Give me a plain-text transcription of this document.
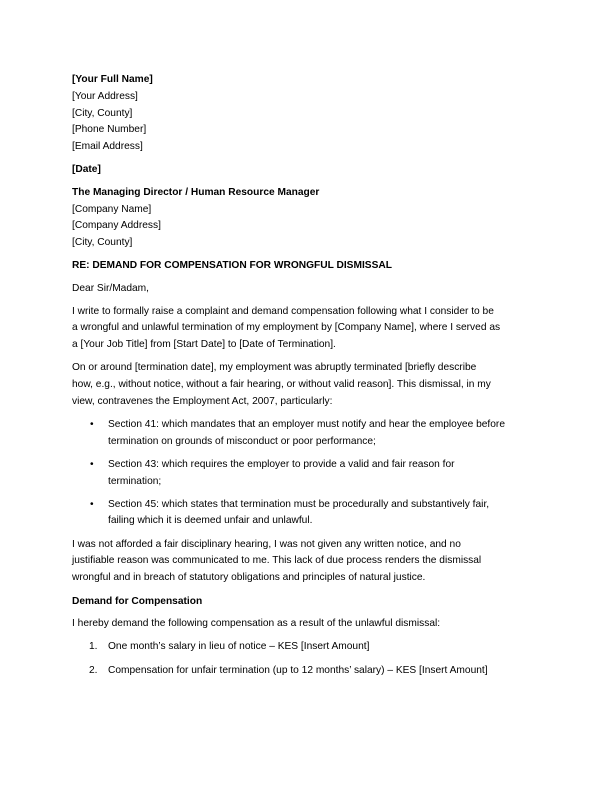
[Your Full Name]
[Your Address]
[City, County]
[Phone Number]
[Email Address]
[Date]
The Managing Director / Human Resource Manager
[Company Name]
[Company Address]
[City, County]
RE: DEMAND FOR COMPENSATION FOR WRONGFUL DISMISSAL
Dear Sir/Madam,
I write to formally raise a complaint and demand compensation following what I consider to be
a wrongful and unlawful termination of my employment by [Company Name], where I served as
a [Your Job Title] from [Start Date] to [Date of Termination].
On or around [termination date], my employment was abruptly terminated [briefly describe
how, e.g., without notice, without a fair hearing, or without valid reason]. This dismissal, in my
view, contravenes the Employment Act, 2007, particularly:
• Section 41: which mandates that an employer must notify and hear the employee before
termination on grounds of misconduct or poor performance;
• Section 43: which requires the employer to provide a valid and fair reason for
termination;
• Section 45: which states that termination must be procedurally and substantively fair,
failing which it is deemed unfair and unlawful.
I was not afforded a fair disciplinary hearing, I was not given any written notice, and no
justifiable reason was communicated to me. This lack of due process renders the dismissal
wrongful and in breach of statutory obligations and principles of natural justice.
Demand for Compensation
I hereby demand the following compensation as a result of the unlawful dismissal:
1. One month’s salary in lieu of notice – KES [Insert Amount]
2. Compensation for unfair termination (up to 12 months’ salary) – KES [Insert Amount]
